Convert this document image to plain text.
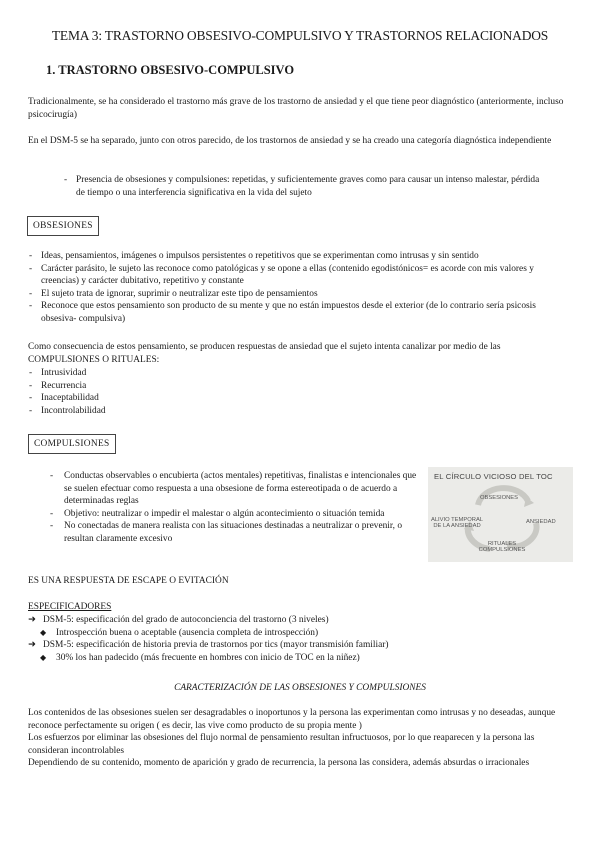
TEMA 3: TRASTORNO OBSESIVO-COMPULSIVO Y TRASTORNOS RELACIONADOS
1. TRASTORNO OBSESIVO-COMPULSIVO
Tradicionalmente, se ha considerado el trastorno más grave de los trastorno de ansiedad y el que tiene peor diagnóstico (anteriormente, incluso psicocirugía)
En el DSM-5 se ha separado, junto con otros parecido, de los trastornos de ansiedad y se ha creado una categoría diagnóstica independiente
- Presencia de obsesiones y compulsiones: repetidas, y suficientemente graves como para causar un intenso malestar, pérdida de tiempo o una interferencia significativa en la vida del sujeto
OBSESIONES
- Ideas, pensamientos, imágenes o impulsos persistentes o repetitivos que se experimentan como intrusas y sin sentido
- Carácter parásito, le sujeto las reconoce como patológicas y se opone a ellas (contenido egodistónicos= es acorde con mis valores y creencias) y carácter dubitativo, repetitivo y constante
- El sujeto trata de ignorar, suprimir o neutralizar este tipo de pensamientos
- Reconoce que estos pensamiento son producto de su mente y que no están impuestos desde el exterior (de lo contrario sería psicosis obsesiva- compulsiva)
Como consecuencia de estos pensamiento, se producen respuestas de ansiedad que el sujeto intenta canalizar por medio de las COMPULSIONES O RITUALES:
- Intrusividad
- Recurrencia
- Inaceptabilidad
- Incontrolabilidad
COMPULSIONES
- Conductas observables o encubierta (actos mentales) repetitivas, finalistas e intencionales que se suelen efectuar como respuesta a una obsesione de forma estereotipada o de acuerdo a determinadas reglas
- Objetivo: neutralizar o impedir el malestar o algún acontecimiento o situación temida
- No conectadas de manera realista con las situaciones destinadas a neutralizar o prevenir, o resultan claramente excesivo
EL CÍRCULO VICIOSO DEL TOC
OBSESIONES
ANSIEDAD
ALIVIO TEMPORAL
DE LA ANSIEDAD
RITUALES
COMPULSIONES
ES UNA RESPUESTA DE ESCAPE O EVITACIÓN
ESPECIFICADORES
➜ DSM-5: especificación del grado de autoconciencia del trastorno (3 niveles)
◆ Introspección buena o aceptable (ausencia completa de introspección)
➜ DSM-5: especificación de historia previa de trastornos por tics (mayor transmisión familiar)
◆ 30% los han padecido (más frecuente en hombres con inicio de TOC en la niñez)
CARACTERIZACIÓN DE LAS OBSESIONES Y COMPULSIONES
Los contenidos de las obsesiones suelen ser desagradables o inoportunos y la persona las experimentan como intrusas y no deseadas, aunque reconoce perfectamente su origen ( es decir, las vive como producto de su propia mente )
Los esfuerzos por eliminar las obsesiones del flujo normal de pensamiento resultan infructuosos, por lo que reaparecen y la persona las consideran incontrolables
Dependiendo de su contenido, momento de aparición y grado de recurrencia, la persona las considera, además absurdas o irracionales
